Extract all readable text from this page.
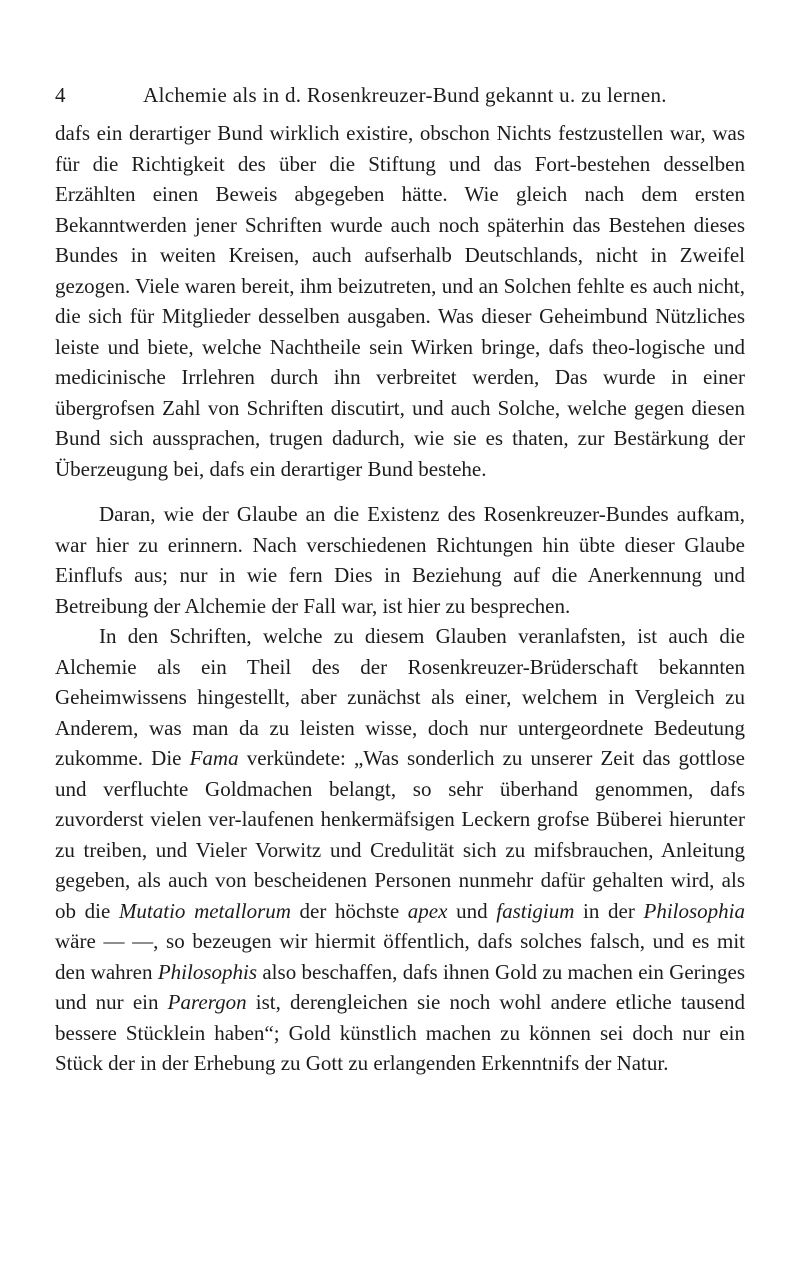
4	Alchemie als in d. Rosenkreuzer-Bund gekannt u. zu lernen.

dafs ein derartiger Bund wirklich existire, obschon Nichts festzustellen war, was für die Richtigkeit des über die Stiftung und das Fort-bestehen desselben Erzählten einen Beweis abgegeben hätte. Wie gleich nach dem ersten Bekanntwerden jener Schriften wurde auch noch späterhin das Bestehen dieses Bundes in weiten Kreisen, auch aufserhalb Deutschlands, nicht in Zweifel gezogen. Viele waren bereit, ihm beizutreten, und an Solchen fehlte es auch nicht, die sich für Mitglieder desselben ausgaben. Was dieser Geheimbund Nützliches leiste und biete, welche Nachtheile sein Wirken bringe, dafs theo-logische und medicinische Irrlehren durch ihn verbreitet werden, Das wurde in einer übergrofsen Zahl von Schriften discutirt, und auch Solche, welche gegen diesen Bund sich aussprachen, trugen dadurch, wie sie es thaten, zur Bestärkung der Überzeugung bei, dafs ein derartiger Bund bestehe.

Daran, wie der Glaube an die Existenz des Rosenkreuzer-Bundes aufkam, war hier zu erinnern. Nach verschiedenen Richtungen hin übte dieser Glaube Einflufs aus; nur in wie fern Dies in Beziehung auf die Anerkennung und Betreibung der Alchemie der Fall war, ist hier zu besprechen.

In den Schriften, welche zu diesem Glauben veranlafsten, ist auch die Alchemie als ein Theil des der Rosenkreuzer-Brüderschaft bekannten Geheimwissens hingestellt, aber zunächst als einer, welchem in Vergleich zu Anderem, was man da zu leisten wisse, doch nur untergeordnete Bedeutung zukomme. Die Fama verkündete: „Was sonderlich zu unserer Zeit das gottlose und verfluchte Goldmachen belangt, so sehr überhand genommen, dafs zuvorderst vielen ver-laufenen henkermäfsigen Leckern grofse Büberei hierunter zu treiben, und Vieler Vorwitz und Credulität sich zu mifsbrauchen, Anleitung gegeben, als auch von bescheidenen Personen nunmehr dafür gehalten wird, als ob die Mutatio metallorum der höchste apex und fastigium in der Philosophia wäre — —, so bezeugen wir hiermit öffentlich, dafs solches falsch, und es mit den wahren Philosophis also beschaffen, dafs ihnen Gold zu machen ein Geringes und nur ein Parergon ist, derengleichen sie noch wohl andere etliche tausend bessere Stücklein haben“; Gold künstlich machen zu können sei doch nur ein Stück der in der Erhebung zu Gott zu erlangenden Erkenntnifs der Natur.
